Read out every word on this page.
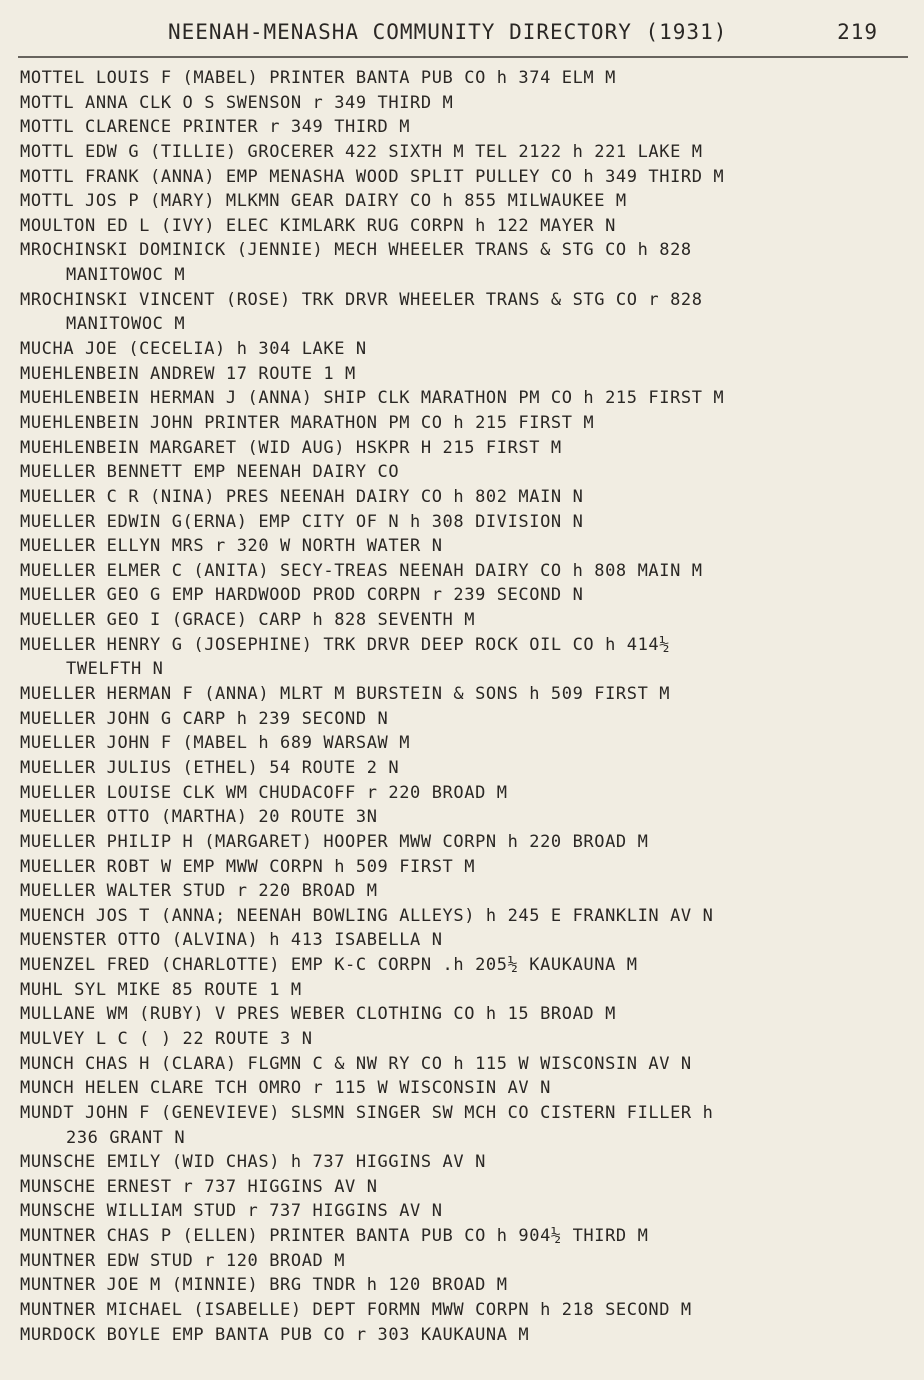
NEENAH-MENASHA COMMUNITY DIRECTORY (1931)	219
MOTTEL LOUIS F (MABEL) PRINTER BANTA PUB CO h 374 ELM M
MOTTL ANNA CLK O S SWENSON r 349 THIRD M
MOTTL CLARENCE PRINTER r 349 THIRD M
MOTTL EDW G (TILLIE) GROCERER 422 SIXTH M TEL 2122 h 221 LAKE M
MOTTL FRANK (ANNA) EMP MENASHA WOOD SPLIT PULLEY CO h 349 THIRD M
MOTTL JOS P (MARY) MLKMN GEAR DAIRY CO h 855 MILWAUKEE M
MOULTON ED L (IVY) ELEC KIMLARK RUG CORPN h 122 MAYER N
MROCHINSKI DOMINICK (JENNIE) MECH WHEELER TRANS & STG CO h 828
MANITOWOC M
MROCHINSKI VINCENT (ROSE) TRK DRVR WHEELER TRANS & STG CO r 828
MANITOWOC M
MUCHA JOE (CECELIA) h 304 LAKE N
MUEHLENBEIN ANDREW 17 ROUTE 1 M
MUEHLENBEIN HERMAN J (ANNA) SHIP CLK MARATHON PM CO h 215 FIRST M
MUEHLENBEIN JOHN PRINTER MARATHON PM CO h 215 FIRST M
MUEHLENBEIN MARGARET (WID AUG) HSKPR H 215 FIRST M
MUELLER BENNETT EMP NEENAH DAIRY CO
MUELLER C R (NINA) PRES NEENAH DAIRY CO h 802 MAIN N
MUELLER EDWIN G(ERNA) EMP CITY OF N h 308 DIVISION N
MUELLER ELLYN MRS r 320 W NORTH WATER N
MUELLER ELMER C (ANITA) SECY-TREAS NEENAH DAIRY CO h 808 MAIN M
MUELLER GEO G EMP HARDWOOD PROD CORPN r 239 SECOND N
MUELLER GEO I (GRACE) CARP h 828 SEVENTH M
MUELLER HENRY G (JOSEPHINE) TRK DRVR DEEP ROCK OIL CO h 414½
TWELFTH N
MUELLER HERMAN F (ANNA) MLRT M BURSTEIN & SONS h 509 FIRST M
MUELLER JOHN G CARP h 239 SECOND N
MUELLER JOHN F (MABEL h 689 WARSAW M
MUELLER JULIUS (ETHEL) 54 ROUTE 2 N
MUELLER LOUISE CLK WM CHUDACOFF r 220 BROAD M
MUELLER OTTO (MARTHA) 20 ROUTE 3N
MUELLER PHILIP H (MARGARET) HOOPER MWW CORPN h 220 BROAD M
MUELLER ROBT W EMP MWW CORPN h 509 FIRST M
MUELLER WALTER STUD r 220 BROAD M
MUENCH JOS T (ANNA; NEENAH BOWLING ALLEYS) h 245 E FRANKLIN AV N
MUENSTER OTTO (ALVINA) h 413 ISABELLA N
MUENZEL FRED (CHARLOTTE) EMP K-C CORPN .h 205½ KAUKAUNA M
MUHL SYL MIKE 85 ROUTE 1 M
MULLANE WM (RUBY) V PRES WEBER CLOTHING CO h 15 BROAD M
MULVEY L C ( ) 22 ROUTE 3 N
MUNCH CHAS H (CLARA) FLGMN C & NW RY CO h 115 W WISCONSIN AV N
MUNCH HELEN CLARE TCH OMRO r 115 W WISCONSIN AV N
MUNDT JOHN F (GENEVIEVE) SLSMN SINGER SW MCH CO CISTERN FILLER h
236 GRANT N
MUNSCHE EMILY (WID CHAS) h 737 HIGGINS AV N
MUNSCHE ERNEST r 737 HIGGINS AV N
MUNSCHE WILLIAM STUD r 737 HIGGINS AV N
MUNTNER CHAS P (ELLEN) PRINTER BANTA PUB CO h 904½ THIRD M
MUNTNER EDW STUD r 120 BROAD M
MUNTNER JOE M (MINNIE) BRG TNDR h 120 BROAD M
MUNTNER MICHAEL (ISABELLE) DEPT FORMN MWW CORPN h 218 SECOND M
MURDOCK BOYLE EMP BANTA PUB CO r 303 KAUKAUNA M
